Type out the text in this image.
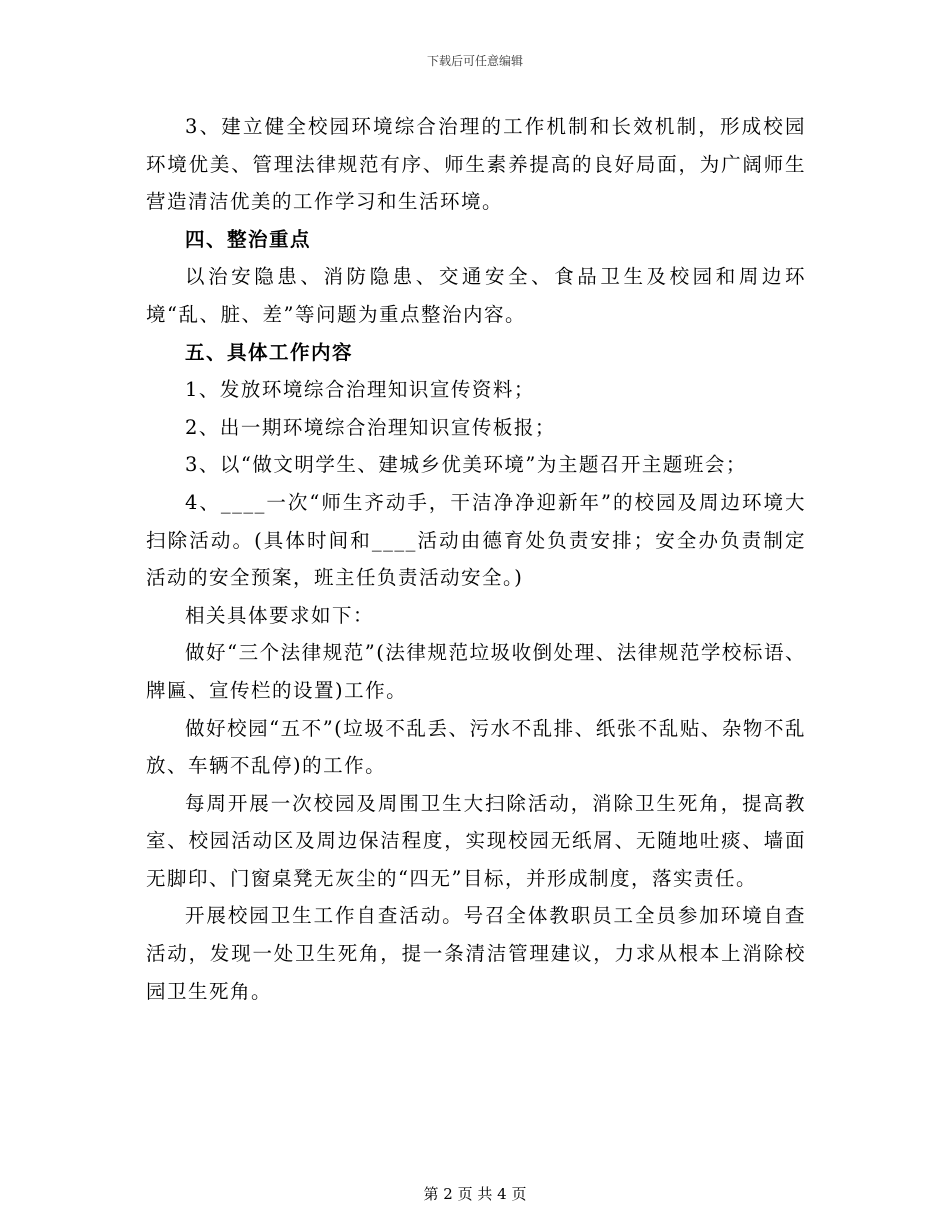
下载后可任意编辑

3、建立健全校园环境综合治理的工作机制和长效机制，形成校园环境优美、管理法律规范有序、师生素养提高的良好局面，为广阔师生营造清洁优美的工作学习和生活环境。

四、整治重点

以治安隐患、消防隐患、交通安全、食品卫生及校园和周边环境“乱、脏、差”等问题为重点整治内容。

五、具体工作内容

1、发放环境综合治理知识宣传资料；

2、出一期环境综合治理知识宣传板报；

3、以“做文明学生、建城乡优美环境”为主题召开主题班会；

4、____一次“师生齐动手，干洁净净迎新年”的校园及周边环境大扫除活动。(具体时间和____活动由德育处负责安排；安全办负责制定活动的安全预案，班主任负责活动安全。)

相关具体要求如下：

做好“三个法律规范”(法律规范垃圾收倒处理、法律规范学校标语、牌匾、宣传栏的设置)工作。

做好校园“五不”(垃圾不乱丢、污水不乱排、纸张不乱贴、杂物不乱放、车辆不乱停)的工作。

每周开展一次校园及周围卫生大扫除活动，消除卫生死角，提高教室、校园活动区及周边保洁程度，实现校园无纸屑、无随地吐痰、墙面无脚印、门窗桌凳无灰尘的“四无”目标，并形成制度，落实责任。

开展校园卫生工作自查活动。号召全体教职员工全员参加环境自查活动，发现一处卫生死角，提一条清洁管理建议，力求从根本上消除校园卫生死角。

第 2 页 共 4 页
